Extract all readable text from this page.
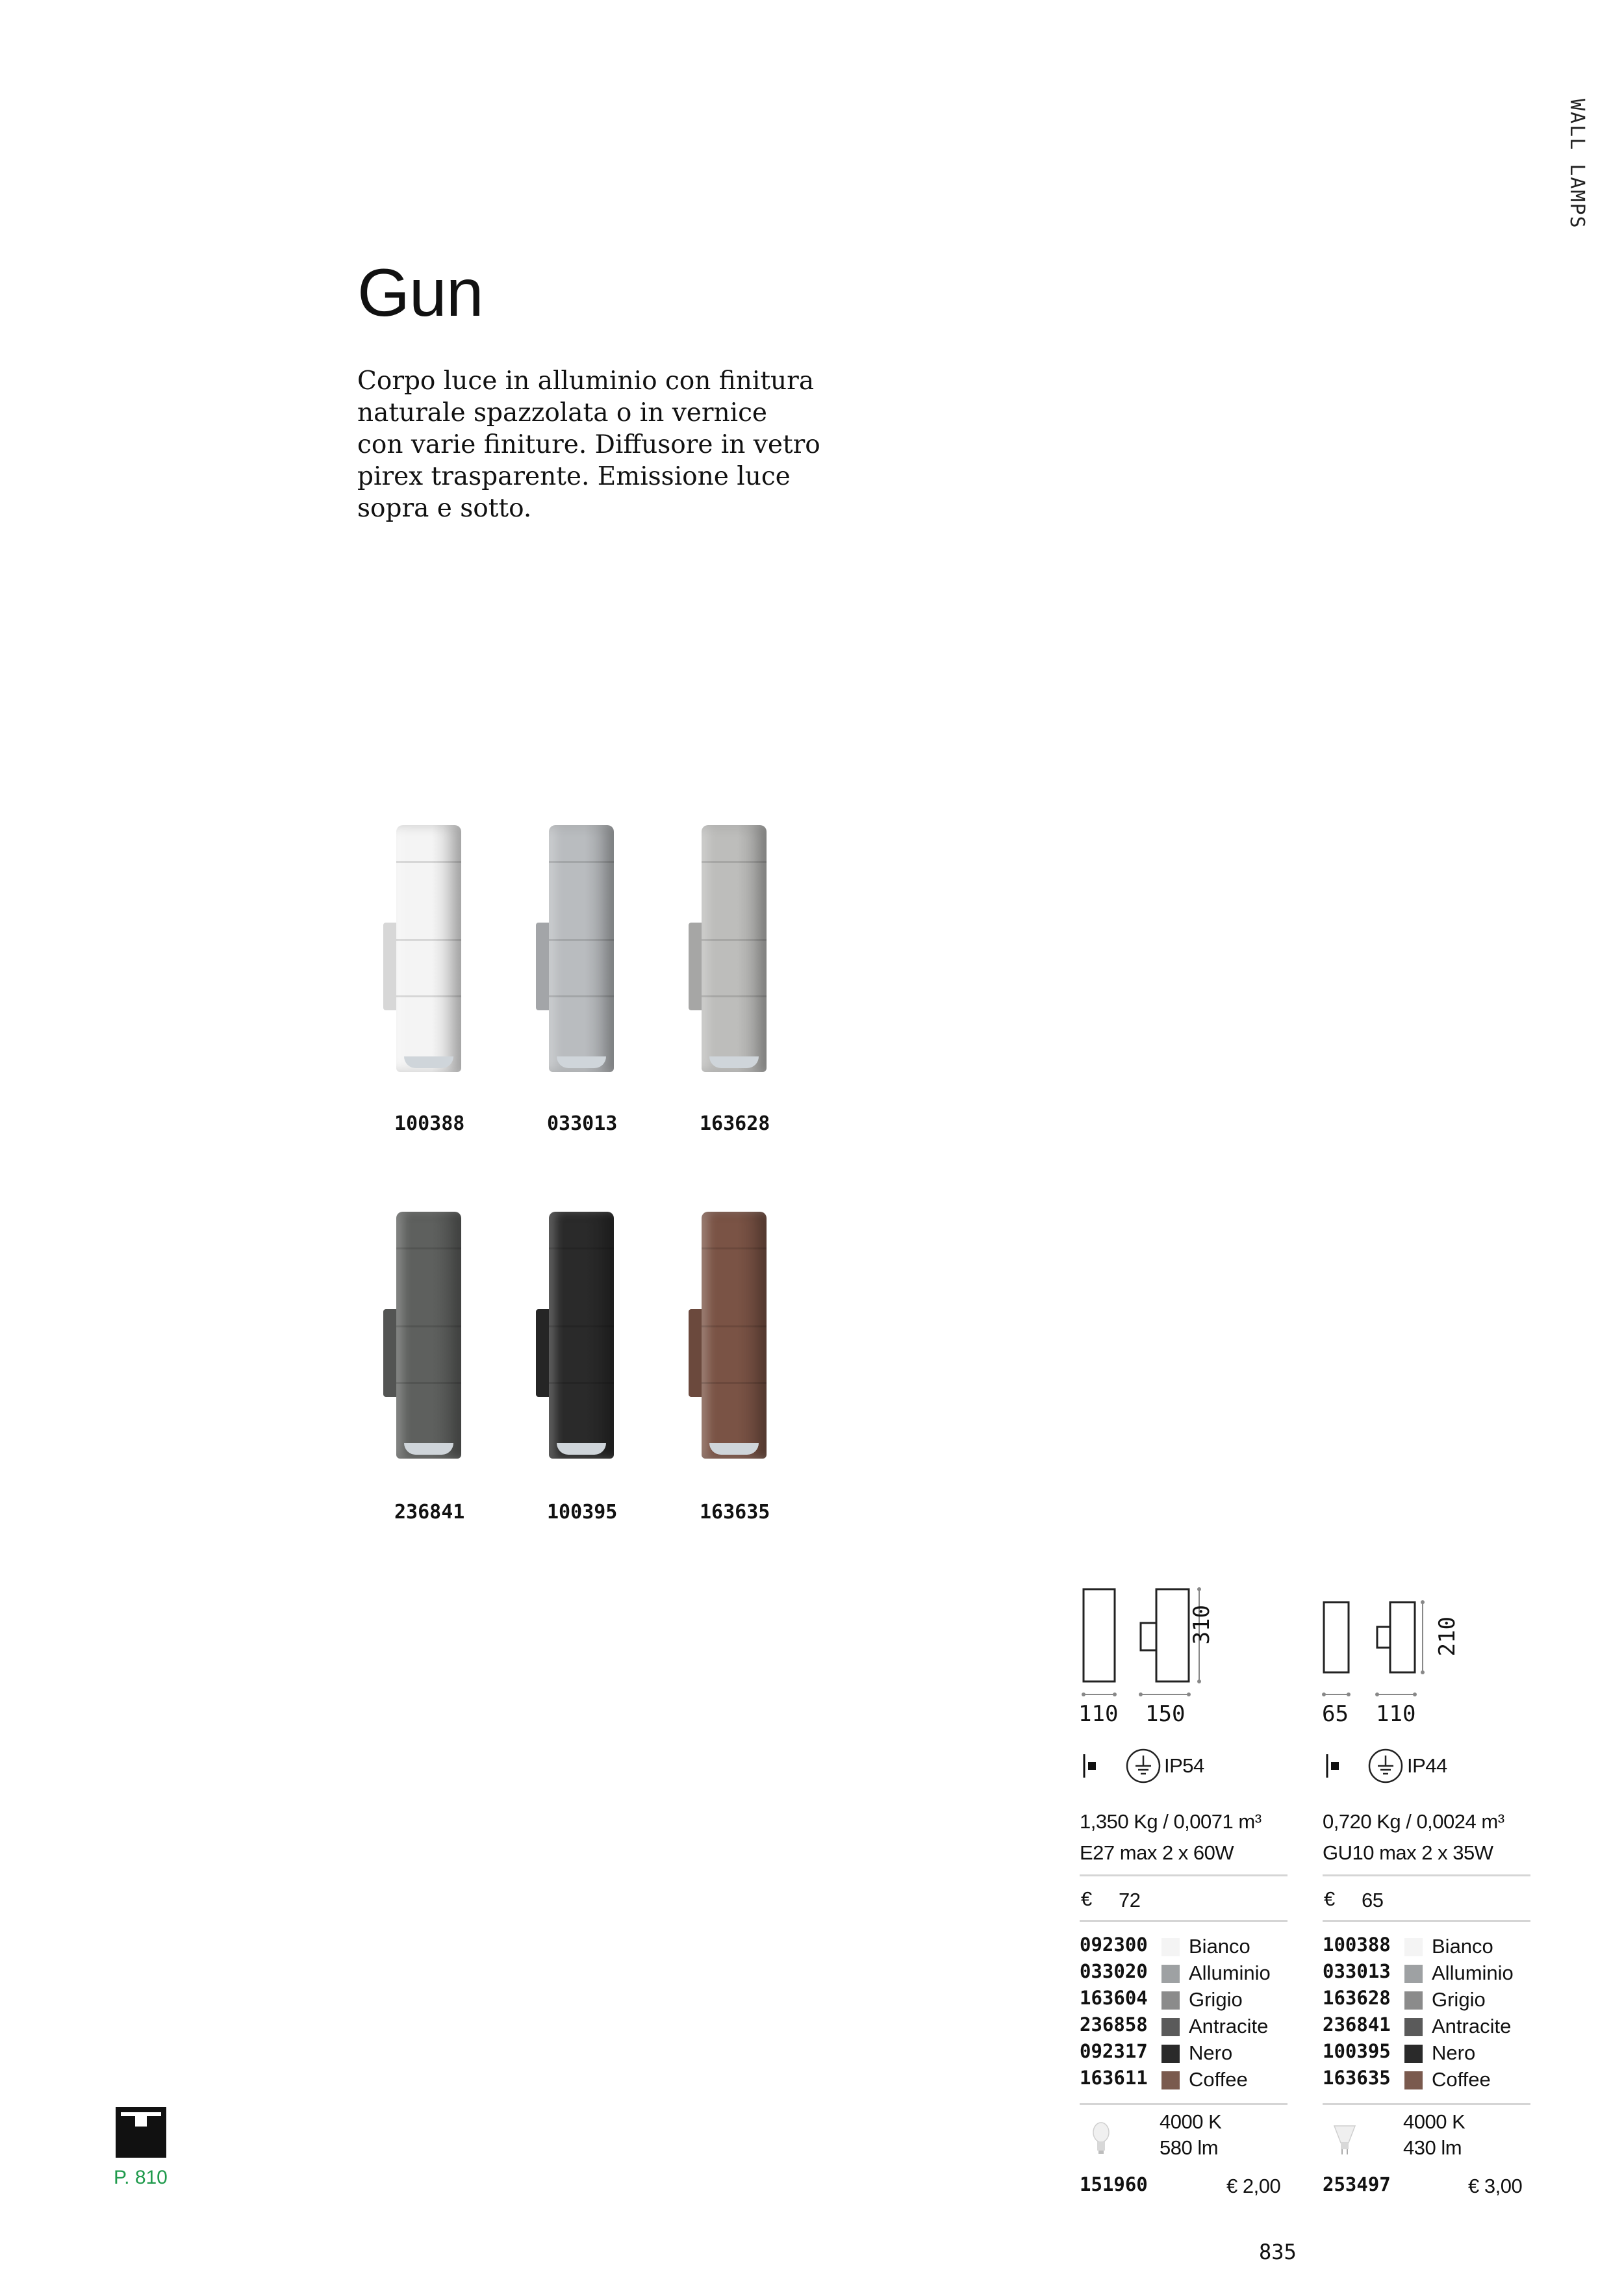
WALL LAMPS
Gun
Corpo luce in alluminio con finitura
naturale spazzolata o in vernice
con varie finiture. Diffusore in vetro
pirex trasparente. Emissione luce
sopra e sotto.
100388	033013	163628
236841	100395	163635
310
110 150
IP54
1,350 Kg / 0,0071 m³
E27 max 2 x 60W
€ 72
092300 Bianco
033020 Alluminio
163604 Grigio
236858 Antracite
092317 Nero
163611 Coffee
4000 K
580 lm
151960	€ 2,00
210
65 110
IP44
0,720 Kg / 0,0024 m³
GU10 max 2 x 35W
€ 65
100388 Bianco
033013 Alluminio
163628 Grigio
236841 Antracite
100395 Nero
163635 Coffee
4000 K
430 lm
253497	€ 3,00
P. 810
835
